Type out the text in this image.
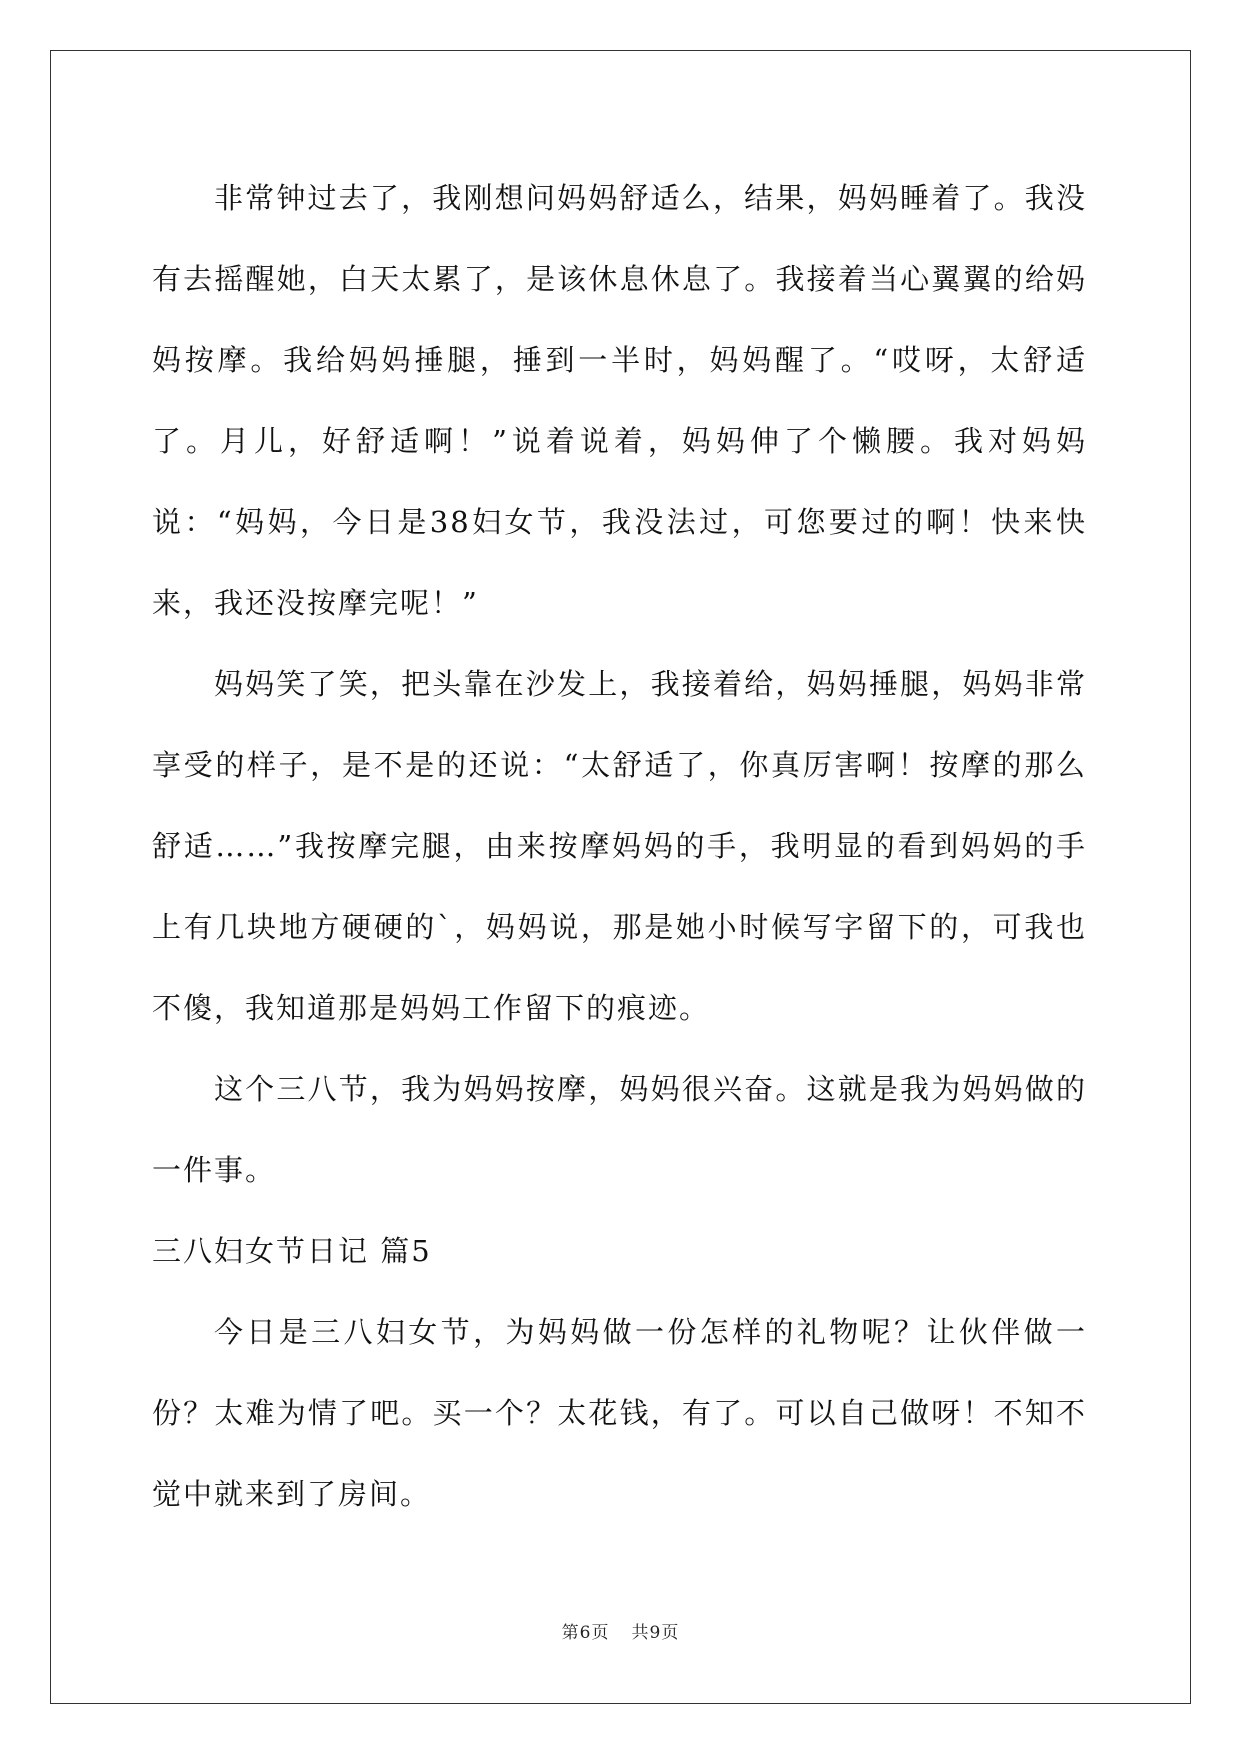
非常钟过去了，我刚想问妈妈舒适么，结果，妈妈睡着了。我没有去摇醒她，白天太累了，是该休息休息了。我接着当心翼翼的给妈妈按摩。我给妈妈捶腿，捶到一半时，妈妈醒了。“哎呀，太舒适了。月儿，好舒适啊！”说着说着，妈妈伸了个懒腰。我对妈妈说：“妈妈，今日是38妇女节，我没法过，可您要过的啊！快来快来，我还没按摩完呢！”

妈妈笑了笑，把头靠在沙发上，我接着给，妈妈捶腿，妈妈非常享受的样子，是不是的还说：“太舒适了，你真厉害啊！按摩的那么舒适……”我按摩完腿，由来按摩妈妈的手，我明显的看到妈妈的手上有几块地方硬硬的`，妈妈说，那是她小时候写字留下的，可我也不傻，我知道那是妈妈工作留下的痕迹。

这个三八节，我为妈妈按摩，妈妈很兴奋。这就是我为妈妈做的一件事。

三八妇女节日记 篇5

今日是三八妇女节，为妈妈做一份怎样的礼物呢？让伙伴做一份？太难为情了吧。买一个？太花钱，有了。可以自己做呀！不知不觉中就来到了房间。

第6页 共9页
